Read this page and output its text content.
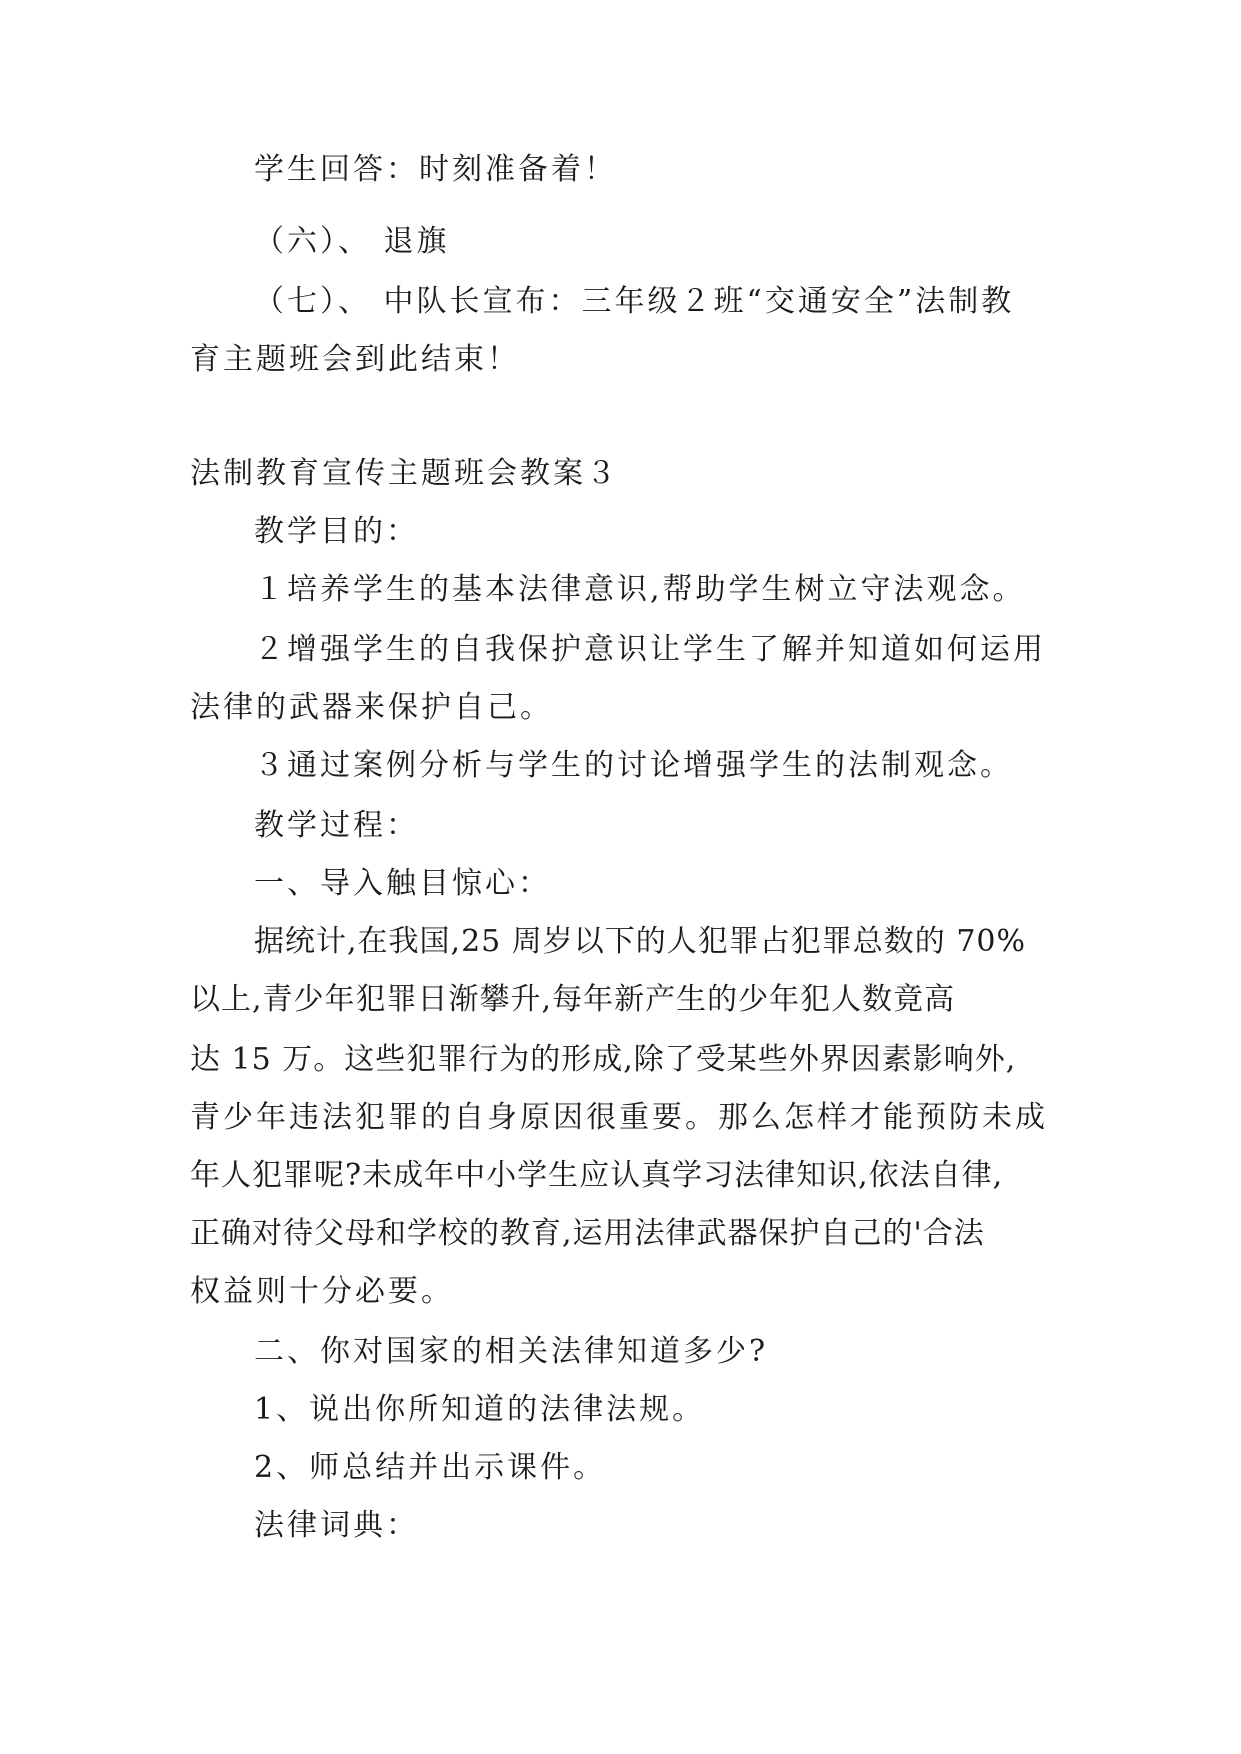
学生回答：时刻准备着！
（六）、 退旗
（七）、 中队长宣布：三年级２班“交通安全”法制教
育主题班会到此结束！
法制教育宣传主题班会教案３
教学目的：
１培养学生的基本法律意识,帮助学生树立守法观念。
２增强学生的自我保护意识让学生了解并知道如何运用
法律的武器来保护自己。
３通过案例分析与学生的讨论增强学生的法制观念。
教学过程：
一、导入触目惊心：
据统计,在我国,25 周岁以下的人犯罪占犯罪总数的 70%
以上,青少年犯罪日渐攀升,每年新产生的少年犯人数竟高
达 15 万。这些犯罪行为的形成,除了受某些外界因素影响外,
青少年违法犯罪的自身原因很重要。那么怎样才能预防未成
年人犯罪呢?未成年中小学生应认真学习法律知识,依法自律,
正确对待父母和学校的教育,运用法律武器保护自己的'合法
权益则十分必要。
二、你对国家的相关法律知道多少?
1、说出你所知道的法律法规。
2、师总结并出示课件。
法律词典：
